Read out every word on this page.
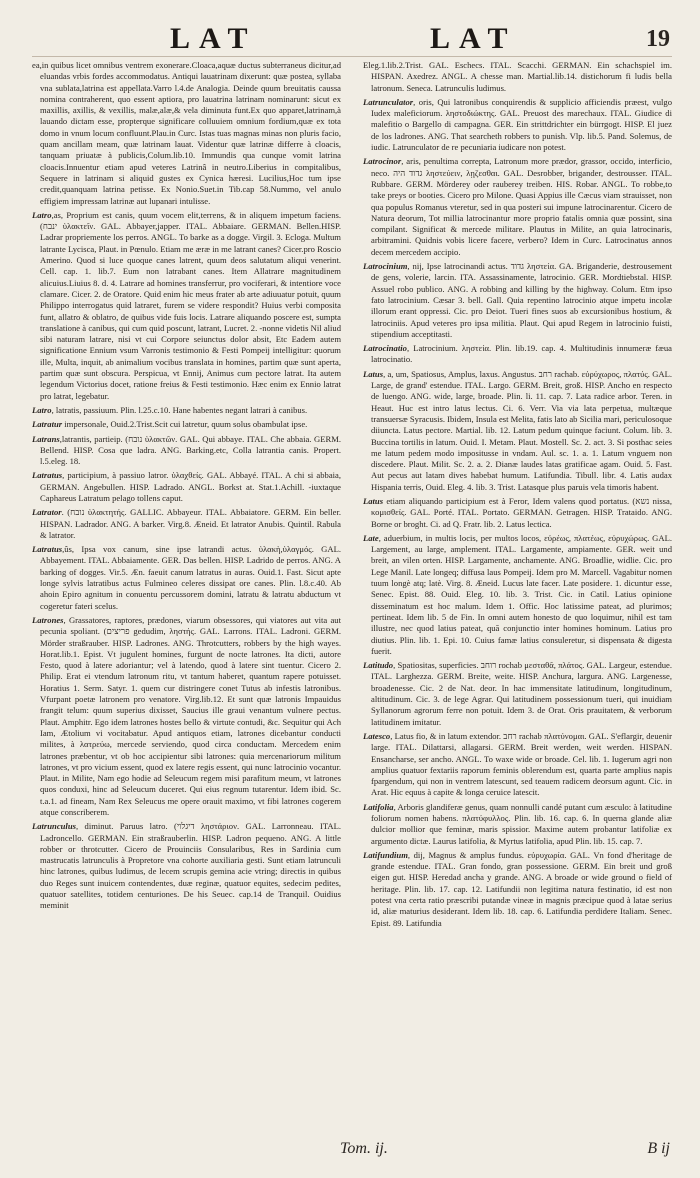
LAT	LAT	19

ea,in quibus licet omnibus ventrem exonerare.Cloaca,aquæ ductus subterraneus dicitur,ad eluandas vrbis fordes accommodatus. Antiqui lauatrinam dixerunt: quæ postea, syllaba vna sublata,latrina est appellata.Varro l.4.de Analogia. Deinde quum breuitatis caussa nomina contraherent, quo essent aptiora, pro lauatrina latrinam nominarunt: sicut ex maxillis, axillis, & vexillis, malæ,alæ,& vela diminuta funt.Ex quo apparet,latrinam,à lauando dictam esse, propterque significare colluuiem omnium fordium,quæ ex tota domo in vnum locum confluunt.Plau.in Curc. Istas tuas magnas minas non pluris facio, quam ancillam meam, quæ latrinam lauat. Videntur quæ latrinæ differre à cloacis, tanquam priuatæ à publicis,Colum.lib.10. Immundis qua cunque vomit latrina cloacis.Innuentur etiam apud veteres Latrinâ in neutro.Liberius in compitalibus, Sequere in latrinam si aliquid gustes ex Cynica hæresi. Lucilius,Hoc tum ipse credit,quanquam latrina petisse. Ex Nonio.Suet.in Tib.cap 58.Nummo, vel anulo effigiem impressam latrinæ aut lupanari intulisse.

Latro,as, Proprium est canis, quum vocem elit,terrens, & in aliquem impetum faciens.(ינבח ὑλακτεῖν. GAL. Abbayer,japper. ITAL. Abbaiare. GERMAN. Bellen.HISP. Ladrar propriemente los perros. ANGL. To barke as a dogge. Virgil. 3. Ecloga. Multum latrante Lycisca, Plaut. in Pœnulo. Etiam me æræ in me latrant canes? Cicer.pro Roscio Amerino. Quod si luce quoque canes latrent, quum deos salutatum aliqui venerint. Cell. cap. 1. lib.7. Eum non latrabant canes. Item Allatrare magnitudinem alicuius.Liuius 8. d. 4. Latrare ad homines transferrur, pro vociferari, & intentiore voce clamare. Cicer. 2. de Oratore. Quid enim hic meus frater ab arte adiuuatur potuit, quum Philippo interrogatus quid latraret, furem se videre respondit? Huius verbi composita funt, allatro & oblatro, de quibus vide fuis locis. Latrare aliquando poscere est, sumpta translatione à canibus, qui cum quid poscunt, latrant, Lucret. 2. -nonne videtis Nil aliud sibi naturam latrare, nisi vt cui Corpore seiunctus dolor absit, Etc Eadem autem significatione Ennium vsum Varronis testimonio & Festi Pompeij intelligitur: quorum ille, Multa, inquit, ab animalium vocibus translata in homines, partim quæ sunt aperta, partim quæ sunt obscura. Perspicua, vt Ennij, Animus cum pectore latrat. Ita autem legendum Victorius docet, ratione freius & Festi testimonio. Hæc enim ex Ennio latrat pro latrat, legebatur.

Latro, latratis, passiuum. Plin. l.25.c.10. Hane habentes negant latrari à canibus.

Latratur impersonale, Ouid.2.Trist.Scit cui latretur, quum solus obambulat ipse.

Latrans,latrantis, partieip. (נובח ὑλακτῶν. GAL. Qui abbaye. ITAL. Che abbaia. GERM. Bellend. HISP. Cosa que ladra. ANG. Barking.etc, Colla latrantia canis. Propert. l.5.eleg. 18.

Latratus, participium, à passiuo latror. ὑλαχθείς. GAL. Abbayé. ITAL. A chi si abbaia, GERMAN. Angebullen. HISP. Ladrado. ANGL. Borkst at. Stat.1.Achill. -iuxtaque Caphareus Latratum pelago tollens caput.

Latrator. (נובח ὑλακτητής. GALLIC. Abbayeur. ITAL. Abbaiatore. GERM. Ein beller. HISPAN. Ladrador. ANG. A barker. Virg.8. Æneid. Et latrator Anubis. Quintil. Rabula & latrator.

Latratus,ûs, Ipsa vox canum, sine ipse latrandi actus. ὑλακὴ,ὑλαγμός. GAL. Abbayement. ITAL. Abbaiamente. GER. Das bellen. HISP. Ladrido de perros. ANG. A barking of dogges. Vir.5. Æn. faeuit canum latratus in auras. Ouid.1. Fast. Sicut apte longe sylvis latratibus actus Fulmineo celeres dissipat ore canes. Plin. l.8.c.40. Ab ahoin Epiro agnitum in conuentu percussorem domini, latratu & latratu abductum vt cogeretur fateri scelus.

Latrones, Grassatores, raptores, prædones, viarum obsessores, qui viatores aut vita aut pecunia spoliant. (פריצים gedudim, ληστής. GAL. Larrons. ITAL. Ladroni. GERM. Mörder straßrauber. HISP. Ladrones. ANG. Throtcutters, robbers by the high wayes. Horat.lib.1. Epist. Vt jugulent homines, furgunt de nocte latrones. Ita dicti, autore Festo, quod à latere adoriantur; vel à latendo, quod à latere sint tuentur. Cicero 2. Philip. Erat ei vtendum latronum ritu, vt tantum haberet, quantum rapere potuisset. Horatius 1. Serm. Satyr. 1. quem cur distringere conet Tutus ab infestis latronibus. Vfurpant poetæ latronem pro venatore. Virg.lib.12. Et sunt quæ latronis Impauidus frangit telum: quum superius dixisset, Saucius ille graui venantum vulnere pectus. Plaut. Amphitr. Ego idem latrones hostes bello & virtute contudi, &c. Sequitur qui Ach Iam, Ætolium vi vocitabatur. Apud antiquos etiam, latrones dicebantur conducti milites, à λατρεύω, mercede serviendo, quod circa conductam. Mercedem enim latrones præbentur, vt ob hoc accipientur sibi latrones: quia mercenariorum militum latrones, vt pro vicium essent, quod ex latere regis essent, qui nunc latrocinio vocantur. Plaut. in Milite, Nam ego hodie ad Seleucum regem misi parafitum meum, vt latrones quos conduxi, hinc ad Seleucum duceret. Qui eius regnum tutarentur. Idem ibid. Sc. t.a.1. ad fineam, Nam Rex Seleucus me opere orauit maximo, vt fibi latrones cogerem atque conscriberem.

Latrunculus, diminut. Paruus latro. (דיגלוי ληστάριον. GAL. Larronneau. ITAL. Ladroncello. GERMAN. Ein straßrauberlin. HISP. Ladron pequeno. ANG. A little robber or throtcutter. Cicero de Prouinciis Consularibus, Res in Sardinia cum mastrucatis latrunculis à Propretore vna cohorte auxiliaria gesti. Sunt etiam latrunculi hinc latrones, quibus ludimus, de lecem scrupis gemina acie vtring; directis in quibus duo Reges sunt inuicem contendentes, duæ reginæ, quatuor equites, sedecim pedites, quatuor satellites, totidem centuriones. De his Seuec. cap.14 de Tranquil. Ouidius meminit

Eleg.1.lib.2.Trist. GAL. Eschecs. ITAL. Scacchi. GERMAN. Ein schachspiel im. HISPAN. Axedrez. ANGL. A chesse man. Martial.lib.14. distichorum fi ludis bella latronum. Seneca. Latrunculis ludimus.

Latrunculator, oris, Qui latronibus conquirendis & supplicio afficiendis præest, vulgo Iudex maleficiorum. ληστοδιώκτης. GAL. Preuost des marechaux. ITAL. Giudice di malefitio o Bargello di campagna. GER. Ein strittdrichter ein bürrgogt. HISP. El juez de los ladrones. ANG. That searcheth robbers to punish. Vlp. lib.5. Pand. Solemus, de iudic. Latrunculator de re pecuniaria iudicare non potest.

Latrocinor, aris, penultima correpta, Latronum more prædor, grassor, occido, interficio, neco. גדוד היה ληστεύειν, λῃζεσθαι. GAL. Desrobber, brigander, destrousser. ITAL. Rubbare. GERM. Mörderey oder rauberey treiben. HIS. Robar. ANGL. To robbe,to take preys or booties. Cicero pro Milone. Quasi Appius ille Cæcus viam strauisset, non qua populus Romanus vteretur, sed in qua posteri sui impune latrocinarentur. Cicero de Natura deorum, Tot millia latrocinantur more proprio fatalis omnia quæ possint, sina compilant. Significat & mercede militare. Plautus in Milite, an quia latrocinaris, arbitramini. Quidnis vobis licere facere, verbero? Idem in Curc. Latrocinatus annos decem mercedem accipio.

Latrocinium, nij, Ipse latrocinandi actus. גדוד ληστεία. GA. Briganderie, destrousement de gens, volerie, larcin. ITA. Assassinamente, latrocinio. GER. Mordtiebstal. HISP. Assuel robo publico. ANG. A robbing and killing by the highway. Colum. Etm ipso fato latrocinium. Cæsar 3. bell. Gall. Quia repentino latrocinio atque impetu incolæ illorum erant oppressi. Cic. pro Deiot. Tueri fines suos ab excursionibus hostium, & latrociniis. Apud veteres pro ipsa militia. Plaut. Qui apud Regem in latrocinio fuisti, stipendium acceptitasti.

Latrocinatio, Latrocinium. ληστεία. Plin. lib.19. cap. 4. Multitudinis innumeræ fæua latrocinatio.

Latus, a, um, Spatiosus, Amplus, laxus. Angustus. רחב rachab. εὐρύχωρος, πλατύς. GAL. Large, de grand' estendue. ITAL. Largo. GERM. Breit, groß. HISP. Ancho en respecto de luengo. ANG. wide, large, broade. Plin. li. 11. cap. 7. Lata radice arbor. Teren. in Heaut. Huc est intro latus lectus. Ci. 6. Verr. Via via lata perpetua, multæque transuersæ Syracusis. Ibidem, Insula est Melita, fatis lato ab Sicilia mari, periculosoque diiuncta. Latus pectore. Martial. lib. 12. Latum pedum quinque faciunt. Colum. lib. 3. Buccina tortilis in latum. Ouid. I. Metam. Plaut. Mostell. Sc. 2. act. 3. Si posthac seies me latum pedem modo impositusse in vndam. Aul. sc. 1. a. 1. Latum vnguem non discedere. Plaut. Milit. Sc. 2. a. 2. Dianæ laudes latas gratificae agam. Ouid. 5. Fast. Aut pecus aut latam dives habebat humum. Latifundia. Tibull. libr. 4. Latis audax Hispania terris, Ouid. Eleg. 4. lib. 3. Trist. Latasque plus paruis vela timoris habent.

Latus etiam aliquando participium est à Feror, Idem valens quod portatus. (נשא nissa, κομισθείς. GAL. Porté. ITAL. Portato. GERMAN. Getragen. HISP. Trataido. ANG. Borne or broght. Ci. ad Q. Fratr. lib. 2. Latus lectica.

Late, aduerbium, in multis locis, per multos locos, εὐρέως, πλατέως, εὐρυχώρως. GAL. Largement, au large, amplement. ITAL. Largamente, ampiamente. GER. weit und breit, an vilen orten. HISP. Largamente, anchamente. ANG. Broadlie, widlie. Cic. pro Lege Manil. Late longeq; diffusa laus Pompeij. Idem pro M. Marcell. Vagabitur nomen tuum longè atq; latè. Virg. 8. Æneid. Lucus late facer. Late posidere. 1. dicuntur esse, Senec. Epist. 88. Ouid. Eleg. 10. lib. 3. Trist. Cic. in Catil. Latius opinione disseminatum est hoc malum. Idem 1. Offic. Hoc latissime pateat, ad plurimos; pertineat. Idem lib. 5 de Fin. In omni autem honesto de quo loquimur, nihil est tam illustre, nec quod latius pateat, quā conjunctio inter homines hominum. Latius pro diutius. Plin. lib. 1. Epi. 10. Cuius famæ latius consuleretur, si dispensata & digesta fuerit.

Latitudo, Spatiositas, superficies. רוחב rochab μεσταθᾶ, πλάτος. GAL. Largeur, estendue. ITAL. Larghezza. GERM. Breite, weite. HISP. Anchura, largura. ANG. Largenesse, broadenesse. Cic. 2 de Nat. deor. In hac immensitate latitudinum, longitudinum, altitudinum. Cic. 3. de lege Agrar. Qui latitudinem possessionum tueri, qui inuidiam Syllanorum agrorum ferre non potuit. Idem 3. de Orat. Oris prauitatem, & verborum latitudinem imitatur.

Latesco, Latus fio, & in latum extendor. רחב rachab πλατύνομαι. GAL. S'eflargir, deuenir large. ITAL. Dilattarsi, allagarsi. GERM. Breit werden, weit werden. HISPAN. Ensancharse, ser ancho. ANGL. To waxe wide or broade. Cel. lib. 1. Iugerum agri non amplius quatuor fextariis raporum feminis oblerendum est, quarta parte amplius napis fpargendum, qui non in ventrem latescunt, sed teauem radicem deorsum agunt. Cic. in Arat. Hic equus à capite & longa ceruice latescit.

Latifolia, Arboris glandiferæ genus, quam nonnulli candé putant cum æsculo: à latitudine foliorum nomen habens. πλατύφυλλος. Plin. lib. 16. cap. 6. In querna glande aliæ dulcior mollior que feminæ, maris spissior. Maxime autem probantur latifoliæ ex argumento dictæ. Laurus latifolia, & Myrtus latifolia, apud Plin. lib. 15. cap. 7.

Latifundium, dij, Magnus & amplus fundus. εὐρυχωρία. GAL. Vn fond d'heritage de grande estendue. ITAL. Gran fondo, gran possessione. GERM. Ein breit und groß eigen gut. HISP. Heredad ancha y grande. ANG. A broade or wide ground o field of heritage. Plin. lib. 17. cap. 12. Latifundii non legitima natura festinatio, id est non potest vna certa ratio præscribi putandæ vineæ in magnis præcipue quod à latae serius id, aliæ maturius desiderant. Idem lib. 18. cap. 6. Latifundia perdidere Italiam. Senec. Epist. 89. Latifundia

Tom. ij.	B ij
